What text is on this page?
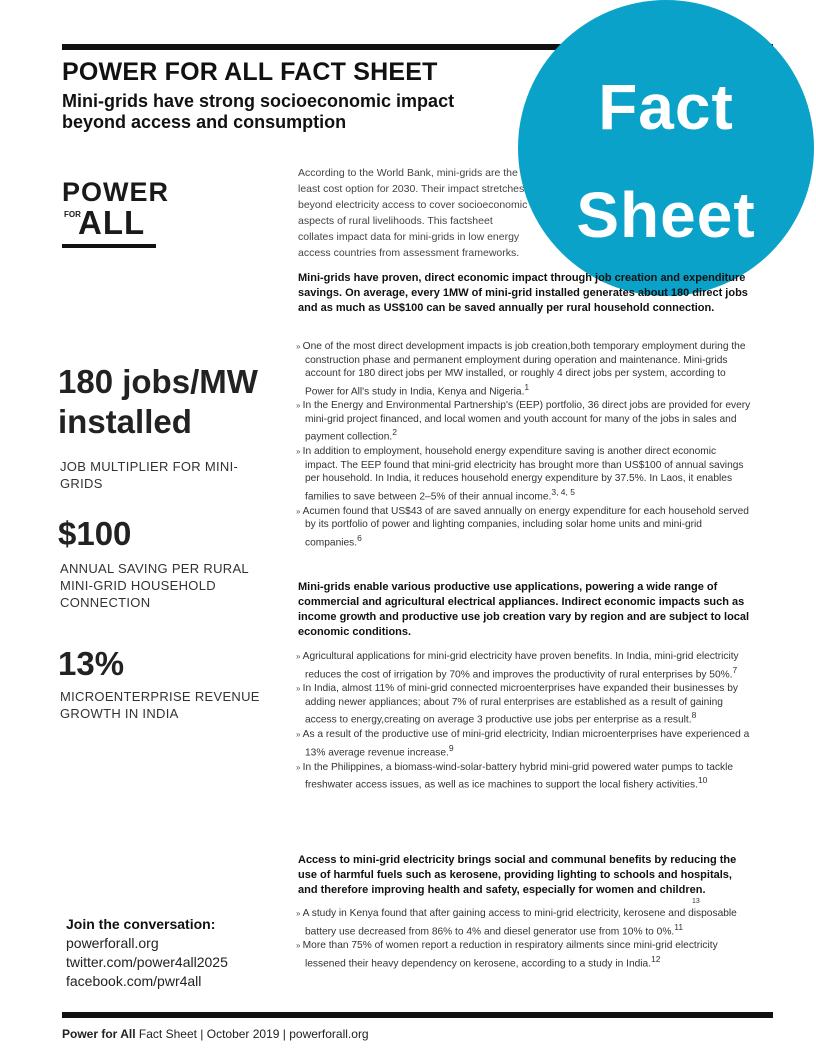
POWER FOR ALL FACT SHEET
Mini-grids have strong socioeconomic impact beyond access and consumption	Fact
Sheet
POWER
FOR
ALL

180 jobs/MW installed

JOB MULTIPLIER FOR MINI-GRIDS

$100

ANNUAL SAVING PER RURAL MINI-GRID HOUSEHOLD CONNECTION

13%

MICROENTERPRISE REVENUE GROWTH IN INDIA

According to the World Bank, mini-grids are the least cost option for 2030. Their impact stretches beyond electricity access to cover socioeconomic aspects of rural livelihoods. This factsheet collates impact data for mini-grids in low energy access countries from assessment frameworks.

Mini-grids have proven, direct economic impact through job creation and expenditure savings. On average, every 1MW of mini-grid installed generates about 180 direct jobs and as much as US$100 can be saved annually per rural household connection.

» One of the most direct development impacts is job creation,both temporary employment during the construction phase and permanent employment during operation and maintenance. Mini-grids account for 180 direct jobs per MW installed, or roughly 4 direct jobs per system, according to Power for All's study in India, Kenya and Nigeria.$^1$
» In the Energy and Environmental Partnership's (EEP) portfolio, 36 direct jobs are provided for every mini-grid project financed, and local women and youth account for many of the jobs in sales and payment collection.$^2$
» In addition to employment, household energy expenditure saving is another direct economic impact. The EEP found that mini-grid electricity has brought more than US$100 of annual savings per household. In India, it reduces household energy expenditure by 37.5%. In Laos, it enables families to save between 2–5% of their annual income.$^{3, 4, 5}$
» Acumen found that US$43 of are saved annually on energy expenditure for each household served by its portfolio of power and lighting companies, including solar home units and mini-grid companies.$^6$

Mini-grids enable various productive use applications, powering a wide range of commercial and agricultural electrical appliances. Indirect economic impacts such as income growth and productive use job creation vary by region and are subject to local economic conditions.

» Agricultural applications for mini-grid electricity have proven benefits. In India, mini-grid electricity reduces the cost of irrigation by 70% and improves the productivity of rural enterprises by 50%.$^7$
» In India, almost 11% of mini-grid connected microenterprises have expanded their businesses by adding newer appliances; about 7% of rural enterprises are established as a result of gaining access to energy,creating on average 3 productive use jobs per enterprise as a result.$^8$
» As a result of the productive use of mini-grid electricity, Indian microenterprises have experienced a 13% average revenue increase.$^9$
» In the Philippines, a biomass-wind-solar-battery hybrid mini-grid powered water pumps to tackle freshwater access issues, as well as ice machines to support the local fishery activities.$^{10}$

Access to mini-grid electricity brings social and communal benefits by reducing the use of harmful fuels such as kerosene, providing lighting to schools and hospitals, and therefore improving health and safety, especially for women and children.

13
» A study in Kenya found that after gaining access to mini-grid electricity, kerosene and disposable battery use decreased from 86% to 4% and diesel generator use from 10% to 0%.$^{11}$
» More than 75% of women report a reduction in respiratory ailments since mini-grid electricity lessened their heavy dependency on kerosene, according to a study in India.$^{12}$
Join the conversation:
powerforall.org
twitter.com/power4all2025
facebook.com/pwr4all
Power for All Fact Sheet | October 2019 | powerforall.org
